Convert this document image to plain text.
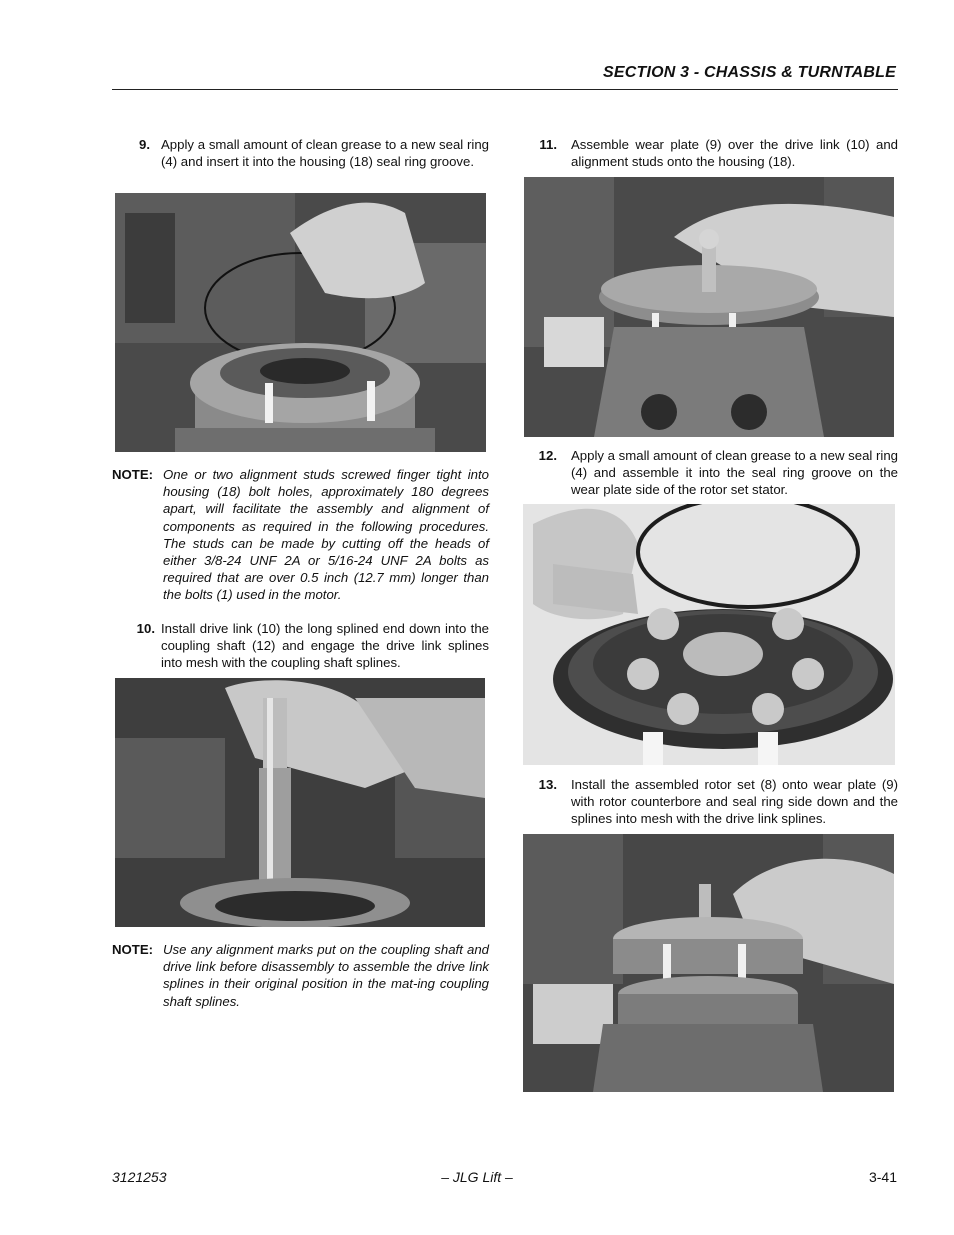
SECTION 3 - CHASSIS & TURNTABLE
9. Apply a small amount of clean grease to a new seal ring (4) and insert it into the housing (18) seal ring groove.
NOTE: One or two alignment studs screwed finger tight into housing (18) bolt holes, approximately 180 degrees apart, will facilitate the assembly and alignment of components as required in the following procedures. The studs can be made by cutting off the heads of either 3/8-24 UNF 2A or 5/16-24 UNF 2A bolts as required that are over 0.5 inch (12.7 mm) longer than the bolts (1) used in the motor.
10. Install drive link (10) the long splined end down into the coupling shaft (12) and engage the drive link splines into mesh with the coupling shaft splines.
NOTE: Use any alignment marks put on the coupling shaft and drive link before disassembly to assemble the drive link splines in their original position in the mat-ing coupling shaft splines.
11. Assemble wear plate (9) over the drive link (10) and alignment studs onto the housing (18).
12. Apply a small amount of clean grease to a new seal ring (4) and assemble it into the seal ring groove on the wear plate side of the rotor set stator.
13. Install the assembled rotor set (8) onto wear plate (9) with rotor counterbore and seal ring side down and the splines into mesh with the drive link splines.
3121253	– JLG Lift –	3-41
